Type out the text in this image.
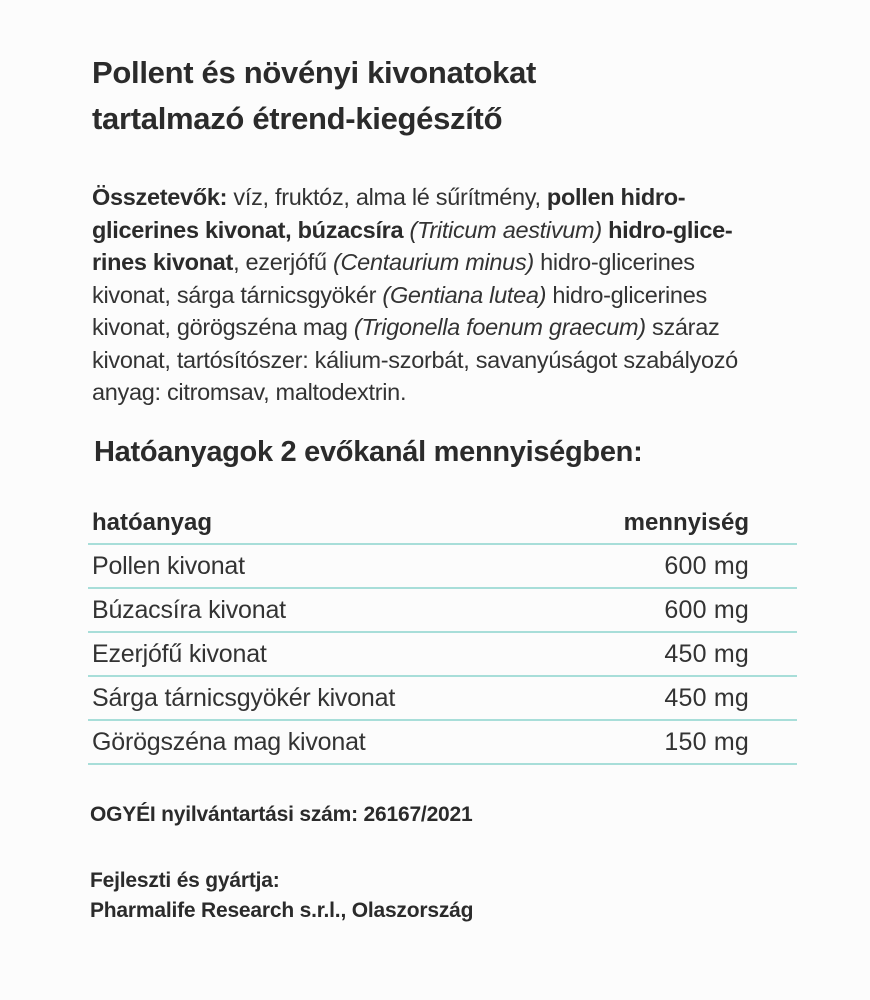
Pollent és növényi kivonatokat
tartalmazó étrend-kiegészítő
Összetevők: víz, fruktóz, alma lé sűrítmény, pollen hidro-
glicerines kivonat, búzacsíra (Triticum aestivum) hidro-glice-
rines kivonat, ezerjófű (Centaurium minus) hidro-glicerines
kivonat, sárga tárnicsgyökér (Gentiana lutea) hidro-glicerines
kivonat, görögszéna mag (Trigonella foenum graecum) száraz
kivonat, tartósítószer: kálium-szorbát, savanyúságot szabályozó
anyag: citromsav, maltodextrin.
Hatóanyagok 2 evőkanál mennyiségben:
hatóanyag	mennyiség
Pollen kivonat	600 mg
Búzacsíra kivonat	600 mg
Ezerjófű kivonat	450 mg
Sárga tárnicsgyökér kivonat	450 mg
Görögszéna mag kivonat	150 mg
OGYÉI nyilvántartási szám: 26167/2021
Fejleszti és gyártja:
Pharmalife Research s.r.l., Olaszország
